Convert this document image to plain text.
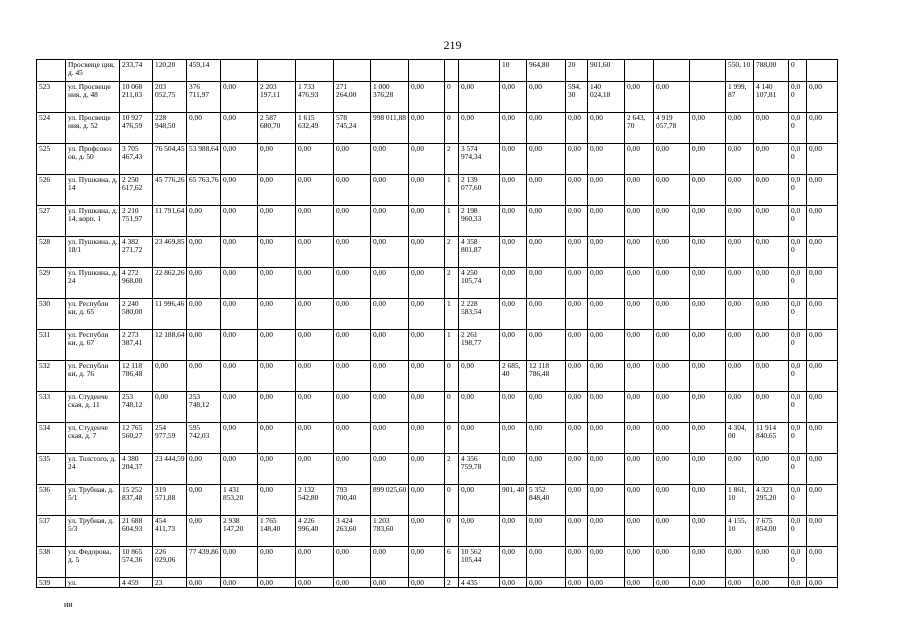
219
	Просвеще ция, д. 45	233,74	120,20	459,14									10	964,80	20	901,60				550, 10	788,00	0	
523	ул. Просвеще ния, д. 48	10 068 211,03	203 052,75	376 711,97	0,00	2 203 197,11	1 733 476,93	271 264,00	1 000 376,28	0,00	0	0,00	0,00	0,00	594, 30	140 024,18	0,00	0,00		1 999, 87	4 140 107,81	0,0 0	0,00
524	ул. Просвеще ния, д. 52	10 927 476,59	228 948,50	0,00	0,00	2 587 680,70	1 615 632,49	578 745,24	998 011,88	0,00	0	0,00	0,00	0,00	0,00	0,00	2 643, 70	4 919 057,78	0,00	0,00	0,00	0,0 0	0,00
525	ул. Профсоюз ов, д. 50	3 705 467,43	76 504,45	53 988,64	0,00	0,00	0,00	0,00	0,00	0,00	2	3 574 974,34	0,00	0,00	0,00	0,00	0,00	0,00	0,00	0,00	0,00	0,0 0	0,00
526	ул. Пушкина, д. 14	2 250 617,62	45 776,26	65 763,76	0,00	0,00	0,00	0,00	0,00	0,00	1	2 139 077,60	0,00	0,00	0,00	0,00	0,00	0,00	0,00	0,00	0,00	0,0 0	0,00
527	ул. Пушкина, д. 14, корп. 1	2 210 751,97	11 791,64	0,00	0,00	0,00	0,00	0,00	0,00	0,00	1	2 198 960,33	0,00	0,00	0,00	0,00	0,00	0,00	0,00	0,00	0,00	0,0 0	0,00
528	ул. Пушкина, д. 18/1	4 382 271,72	23 469,85	0,00	0,00	0,00	0,00	0,00	0,00	0,00	2	4 358 801,87	0,00	0,00	0,00	0,00	0,00	0,00	0,00	0,00	0,00	0,0 0	0,00
529	ул. Пушкина, д. 24	4 272 968,00	22 862,26	0,00	0,00	0,00	0,00	0,00	0,00	0,00	2	4 250 105,74	0,00	0,00	0,00	0,00	0,00	0,00	0,00	0,00	0,00	0,0 0	0,00
530	ул. Республи ки, д. 65	2 240 580,00	11 996,46	0,00	0,00	0,00	0,00	0,00	0,00	0,00	1	2 228 583,54	0,00	0,00	0,00	0,00	0,00	0,00	0,00	0,00	0,00	0,0 0	0,00
531	ул. Республи ки, д. 67	2 273 387,41	12 188,64	0,00	0,00	0,00	0,00	0,00	0,00	0,00	1	2 261 198,77	0,00	0,00	0,00	0,00	0,00	0,00	0,00	0,00	0,00	0,0 0	0,00
532	ул. Республи ки, д. 76	12 118 786,48	0,00	0,00	0,00	0,00	0,00	0,00	0,00	0,00	0	0,00	2 685, 40	12 118 786,48	0,00	0,00	0,00	0,00	0,00	0,00	0,00	0,0 0	0,00
533	ул. Студенче ская, д. 11	253 748,12	0,00	253 748,12	0,00	0,00	0,00	0,00	0,00	0,00	0	0,00	0,00	0,00	0,00	0,00	0,00	0,00	0,00	0,00	0,00	0,0 0	0,00
534	ул. Студенче ская, д. 7	12 765 560,27	254 977,59	595 742,03	0,00	0,00	0,00	0,00	0,00	0,00	0	0,00	0,00	0,00	0,00	0,00	0,00	0,00	0,00	4 304, 00	11 914 840,65	0,0 0	0,00
535	ул. Толстого, д. 24	4 380 204,37	23 444,59	0,00	0,00	0,00	0,00	0,00	0,00	0,00	2	4 356 759,78	0,00	0,00	0,00	0,00	0,00	0,00	0,00	0,00	0,00	0,0 0	0,00
536	ул. Трубная, д. 5/1	15 252 837,48	319 571,88	0,00	1 431 853,20	0,00	2 132 542,80	793 700,40	899 025,60	0,00	0	0,00	901, 40	5 352 848,40	0,00	0,00	0,00	0,00	0,00	1 861, 10	4 323 295,20	0,0 0	0,00
537	ул. Трубная, д. 5/3	21 688 604,93	454 411,73	0,00	2 938 147,20	1 765 148,40	4 226 996,40	3 424 263,60	1 203 783,60	0,00	0	0,00	0,00	0,00	0,00	0,00	0,00	0,00	0,00	4 155, 10	7 675 854,00	0,0 0	0,00
538	ул. Федорова, д. 5	10 865 574,36	226 029,06	77 439,86	0,00	0,00	0,00	0,00	0,00	0,00	6	10 562 105,44	0,00	0,00	0,00	0,00	0,00	0,00	0,00	0,00	0,00	0,0 0	0,00
539	ул.	4 459	23	0,00	0,00	0,00	0,00	0,00	0,00	0,00	2	4 435	0,00	0,00	0,00	0,00	0,00	0,00	0,00	0,00	0,00	0,0	0,00
ии
